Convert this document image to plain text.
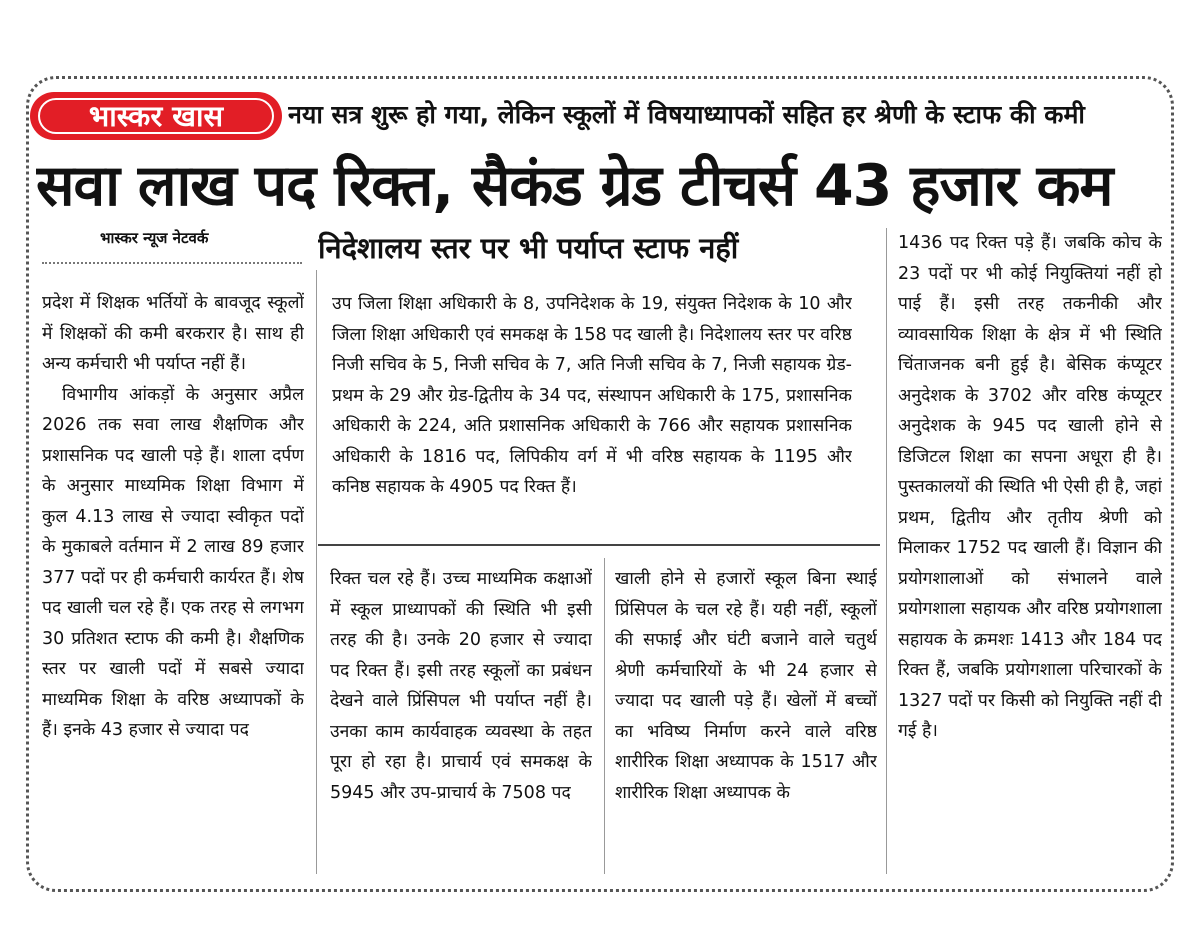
भास्कर खास	नया सत्र शुरू हो गया, लेकिन स्कूलों में विषयाध्यापकों सहित हर श्रेणी के स्टाफ की कमी
सवा लाख पद रिक्त, सैकंड ग्रेड टीचर्स 43 हजार कम
भास्कर न्यूज नेटवर्क	निदेशालय स्तर पर भी पर्याप्त स्टाफ नहीं

प्रदेश में शिक्षक भर्तियों के बावजूद स्कूलों में शिक्षकों की कमी बरकरार है। साथ ही अन्य कर्मचारी भी पर्याप्त नहीं हैं।

विभागीय आंकड़ों के अनुसार अप्रैल 2026 तक सवा लाख शैक्षणिक और प्रशासनिक पद खाली पड़े हैं। शाला दर्पण के अनुसार माध्यमिक शिक्षा विभाग में कुल 4.13 लाख से ज्यादा स्वीकृत पदों के मुकाबले वर्तमान में 2 लाख 89 हजार 377 पदों पर ही कर्मचारी कार्यरत हैं। शेष पद खाली चल रहे हैं। एक तरह से लगभग 30 प्रतिशत स्टाफ की कमी है। शैक्षणिक स्तर पर खाली पदों में सबसे ज्यादा माध्यमिक शिक्षा के वरिष्ठ अध्यापकों के हैं। इनके 43 हजार से ज्यादा पद

उप जिला शिक्षा अधिकारी के 8, उपनिदेशक के 19, संयुक्त निदेशक के 10 और जिला शिक्षा अधिकारी एवं समकक्ष के 158 पद खाली है। निदेशालय स्तर पर वरिष्ठ निजी सचिव के 5, निजी सचिव के 7, अति निजी सचिव के 7, निजी सहायक ग्रेड-प्रथम के 29 और ग्रेड-द्वितीय के 34 पद, संस्थापन अधिकारी के 175, प्रशासनिक अधिकारी के 224, अति प्रशासनिक अधिकारी के 766 और सहायक प्रशासनिक अधिकारी के 1816 पद, लिपिकीय वर्ग में भी वरिष्ठ सहायक के 1195 और कनिष्ठ सहायक के 4905 पद रिक्त हैं।

रिक्त चल रहे हैं। उच्च माध्यमिक कक्षाओं में स्कूल प्राध्यापकों की स्थिति भी इसी तरह की है। उनके 20 हजार से ज्यादा पद रिक्त हैं। इसी तरह स्कूलों का प्रबंधन देखने वाले प्रिंसिपल भी पर्याप्त नहीं है। उनका काम कार्यवाहक व्यवस्था के तहत पूरा हो रहा है। प्राचार्य एवं समकक्ष के 5945 और उप-प्राचार्य के 7508 पद

खाली होने से हजारों स्कूल बिना स्थाई प्रिंसिपल के चल रहे हैं। यही नहीं, स्कूलों की सफाई और घंटी बजाने वाले चतुर्थ श्रेणी कर्मचारियों के भी 24 हजार से ज्यादा पद खाली पड़े हैं। खेलों में बच्चों का भविष्य निर्माण करने वाले वरिष्ठ शारीरिक शिक्षा अध्यापक के 1517 और शारीरिक शिक्षा अध्यापक के

1436 पद रिक्त पड़े हैं। जबकि कोच के 23 पदों पर भी कोई नियुक्तियां नहीं हो पाई हैं। इसी तरह तकनीकी और व्यावसायिक शिक्षा के क्षेत्र में भी स्थिति चिंताजनक बनी हुई है। बेसिक कंप्यूटर अनुदेशक के 3702 और वरिष्ठ कंप्यूटर अनुदेशक के 945 पद खाली होने से डिजिटल शिक्षा का सपना अधूरा ही है। पुस्तकालयों की स्थिति भी ऐसी ही है, जहां प्रथम, द्वितीय और तृतीय श्रेणी को मिलाकर 1752 पद खाली हैं। विज्ञान की प्रयोगशालाओं को संभालने वाले प्रयोगशाला सहायक और वरिष्ठ प्रयोगशाला सहायक के क्रमशः 1413 और 184 पद रिक्त हैं, जबकि प्रयोगशाला परिचारकों के 1327 पदों पर किसी को नियुक्ति नहीं दी गई है।
